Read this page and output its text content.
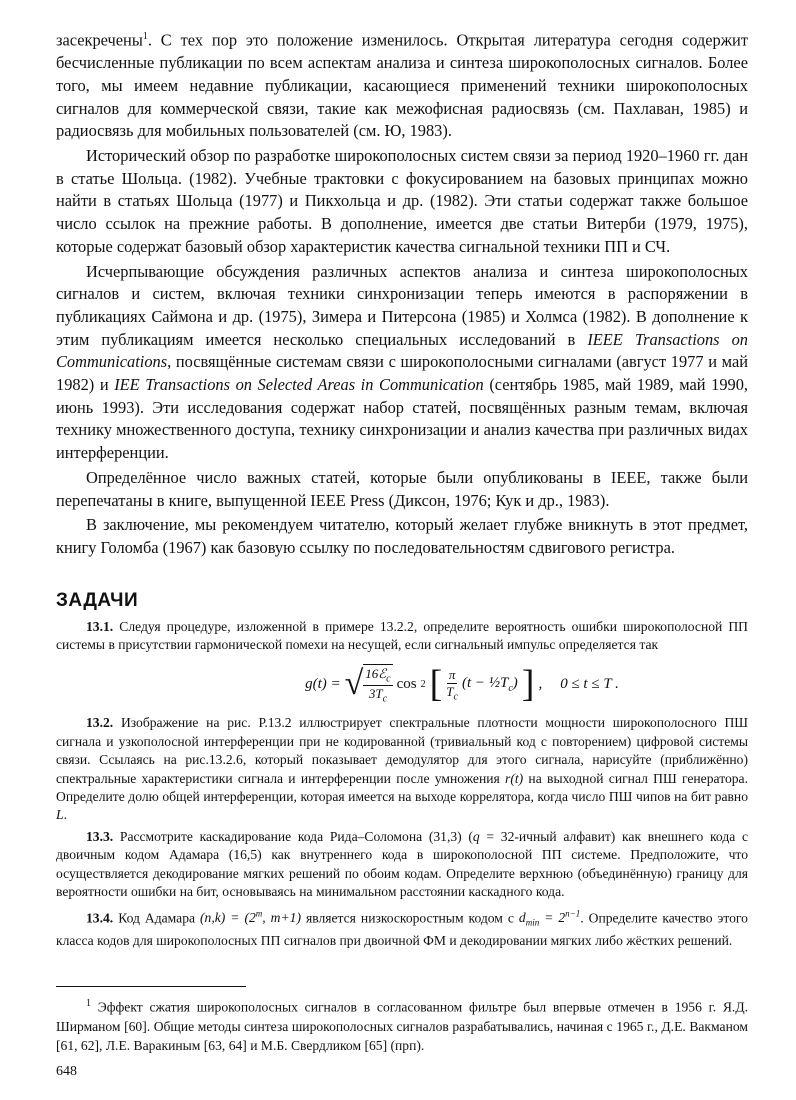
засекречены$^1$. С тех пор это положение изменилось. Открытая литература сегодня содержит бесчисленные публикации по всем аспектам анализа и синтеза широкополосных сигналов. Более того, мы имеем недавние публикации, касающиеся применений техники широкополосных сигналов для коммерческой связи, такие как межофисная радиосвязь (см. Пахлаван, 1985) и радиосвязь для мобильных пользователей (см. Ю, 1983).

Исторический обзор по разработке широкополосных систем связи за период 1920–1960 гг. дан в статье Шольца. (1982). Учебные трактовки с фокусированием на базовых принципах можно найти в статьях Шольца (1977) и Пикхольца и др. (1982). Эти статьи содержат также большое число ссылок на прежние работы. В дополнение, имеется две статьи Витерби (1979, 1975), которые содержат базовый обзор характеристик качества сигнальной техники ПП и СЧ.

Исчерпывающие обсуждения различных аспектов анализа и синтеза широкополосных сигналов и систем, включая техники синхронизации теперь имеются в распоряжении в публикациях Саймона и др. (1975), Зимера и Питерсона (1985) и Холмса (1982). В дополнение к этим публикациям имеется несколько специальных исследований в IEEE Transactions on Communications, посвящённые системам связи с широкополосными сигналами (август 1977 и май 1982) и IEE Transactions on Selected Areas in Communication (сентябрь 1985, май 1989, май 1990, июнь 1993). Эти исследования содержат набор статей, посвящённых разным темам, включая технику множественного доступа, технику синхронизации и анализ качества при различных видах интерференции.

Определённое число важных статей, которые были опубликованы в IEEE, также были перепечатаны в книге, выпущенной IEEE Press (Диксон, 1976; Кук и др., 1983).

В заключение, мы рекомендуем читателю, который желает глубже вникнуть в этот предмет, книгу Голомба (1967) как базовую ссылку по последовательностям сдвигового регистра.

ЗАДАЧИ

13.1. Следуя процедуре, изложенной в примере 13.2.2, определите вероятность ошибки широкополосной ПП системы в присутствии гармонической помехи на несущей, если сигнальный импульс определяется так

g(t) = √ $\frac{16ℰ_c}{3T_c}$ cos 2 [ $\frac{\pi}{T_c} (t$ − $\frac{1}{2}T_c$) ] , 0 ≤ t ≤ T .

13.2. Изображение на рис. Р.13.2 иллюстрирует спектральные плотности мощности широкополосного ПШ сигнала и узкополосной интерференции при не кодированной (тривиальный код с повторением) цифровой системы связи. Ссылаясь на рис.13.2.6, который показывает демодулятор для этого сигнала, нарисуйте (приближённо) спектральные характеристики сигнала и интерференции после умножения r(t) на выходной сигнал ПШ генератора. Определите долю общей интерференции, которая имеется на выходе коррелятора, когда число ПШ чипов на бит равно L.

13.3. Рассмотрите каскадирование кода Рида–Соломона (31,3) (q = 32-ичный алфавит) как внешнего кода с двоичным кодом Адамара (16,5) как внутреннего кода в широкополосной ПП системе. Предположите, что осуществляется декодирование мягких решений по обоим кодам. Определите верхнюю (объединённую) границу для вероятности ошибки на бит, основываясь на минимальном расстоянии каскадного кода.

13.4. Код Адамара $(n,k) = (2^m$, m+1) является низкоскоростным кодом с $d_{min} = 2^{n-1}$. Определите качество этого класса кодов для широкополосных ПП сигналов при двоичной ФМ и декодировании мягких либо жёстких решений.

$^1$ Эффект сжатия широкополосных сигналов в согласованном фильтре был впервые отмечен в 1956 г. Я.Д. Ширманом [60]. Общие методы синтеза широкополосных сигналов разрабатывались, начиная с 1965 г., Д.Е. Вакманом [61, 62], Л.Е. Варакиным [63, 64] и М.Б. Свердликом [65] (прп).

648
